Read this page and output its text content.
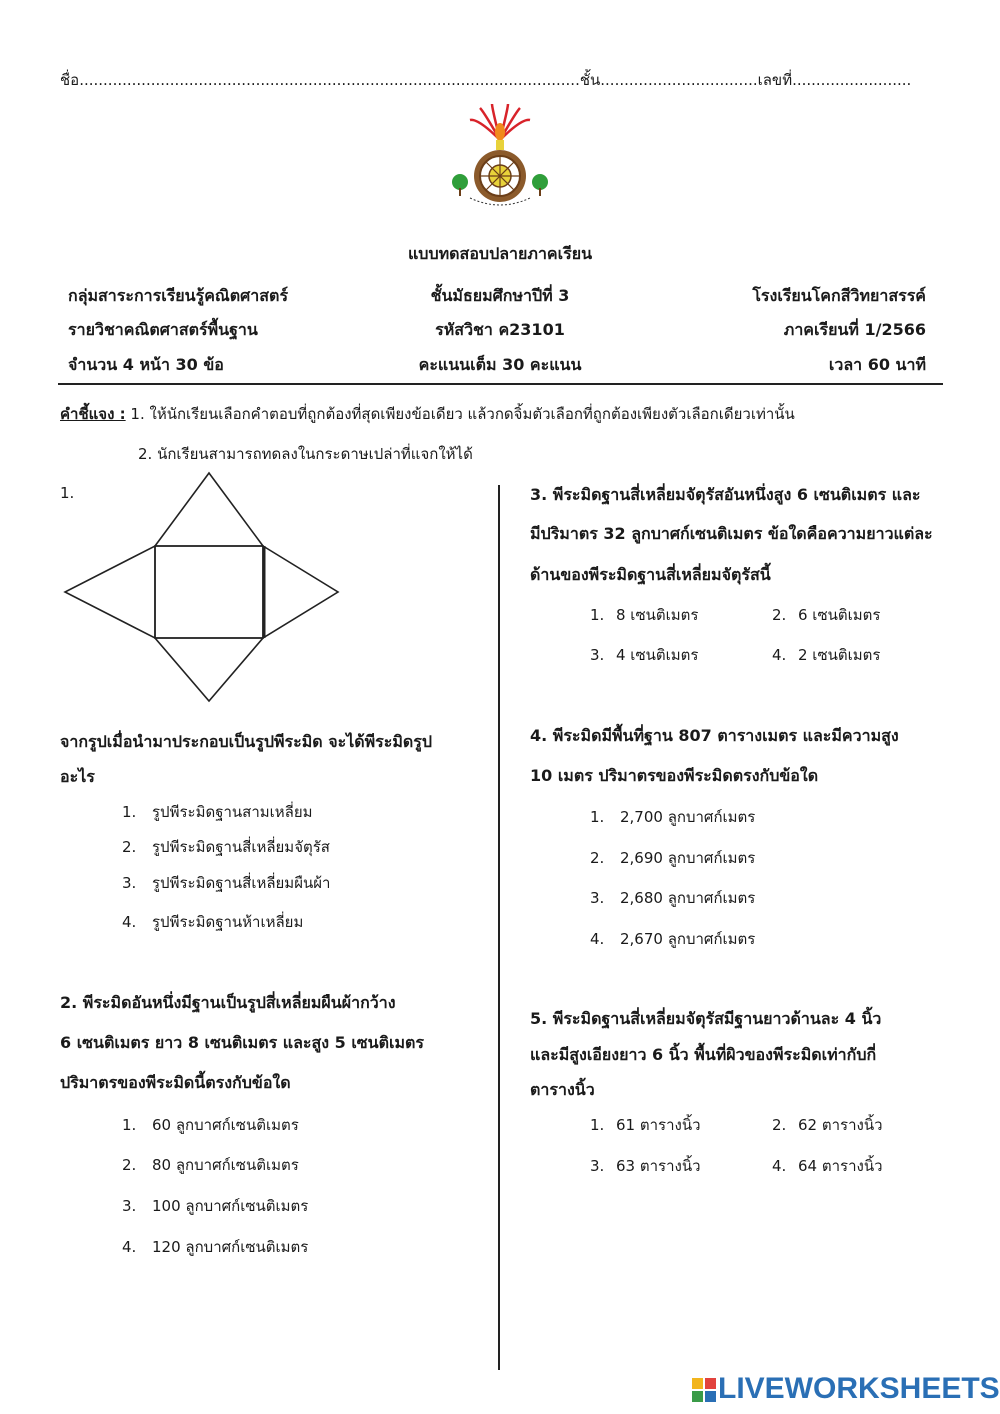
ชื่อ.........................................................................................................ชั้น.................................เลขที่.........................
แบบทดสอบปลายภาคเรียน
กลุ่มสาระการเรียนรู้คณิตศาสตร์	ชั้นมัธยมศึกษาปีที่ 3	โรงเรียนโคกสีวิทยาสรรค์
รายวิชาคณิตศาสตร์พื้นฐาน	รหัสวิชา ค23101	ภาคเรียนที่ 1/2566
จำนวน 4 หน้า 30 ข้อ	คะแนนเต็ม 30 คะแนน	เวลา 60 นาที
คำชี้แจง : 1. ให้นักเรียนเลือกคำตอบที่ถูกต้องที่สุดเพียงข้อเดียว แล้วกดจิ้มตัวเลือกที่ถูกต้องเพียงตัวเลือกเดียวเท่านั้น
2. นักเรียนสามารถทดลงในกระดาษเปล่าที่แจกให้ได้
1.
จากรูปเมื่อนำมาประกอบเป็นรูปพีระมิด จะได้พีระมิดรูป
อะไร
1. รูปพีระมิดฐานสามเหลี่ยม
2. รูปพีระมิดฐานสี่เหลี่ยมจัตุรัส
3. รูปพีระมิดฐานสี่เหลี่ยมผืนผ้า
4. รูปพีระมิดฐานห้าเหลี่ยม
2. พีระมิดอันหนึ่งมีฐานเป็นรูปสี่เหลี่ยมผืนผ้ากว้าง
6 เซนติเมตร ยาว 8 เซนติเมตร และสูง 5 เซนติเมตร
ปริมาตรของพีระมิดนี้ตรงกับข้อใด
1. 60 ลูกบาศก์เซนติเมตร
2. 80 ลูกบาศก์เซนติเมตร
3. 100 ลูกบาศก์เซนติเมตร
4. 120 ลูกบาศก์เซนติเมตร
3. พีระมิดฐานสี่เหลี่ยมจัตุรัสอันหนึ่งสูง 6 เซนติเมตร และ
มีปริมาตร 32 ลูกบาศก์เซนติเมตร ข้อใดคือความยาวแต่ละ
ด้านของพีระมิดฐานสี่เหลี่ยมจัตุรัสนี้
1. 8 เซนติเมตร	2. 6 เซนติเมตร
3. 4 เซนติเมตร	4. 2 เซนติเมตร
4. พีระมิดมีพื้นที่ฐาน 807 ตารางเมตร และมีความสูง
10 เมตร ปริมาตรของพีระมิดตรงกับข้อใด
1. 2,700 ลูกบาศก์เมตร
2. 2,690 ลูกบาศก์เมตร
3. 2,680 ลูกบาศก์เมตร
4. 2,670 ลูกบาศก์เมตร
5. พีระมิดฐานสี่เหลี่ยมจัตุรัสมีฐานยาวด้านละ 4 นิ้ว
และมีสูงเอียงยาว 6 นิ้ว พื้นที่ผิวของพีระมิดเท่ากับกี่
ตารางนิ้ว
1. 61 ตารางนิ้ว	2. 62 ตารางนิ้ว
3. 63 ตารางนิ้ว	4. 64 ตารางนิ้ว
LIVEWORKSHEETS
